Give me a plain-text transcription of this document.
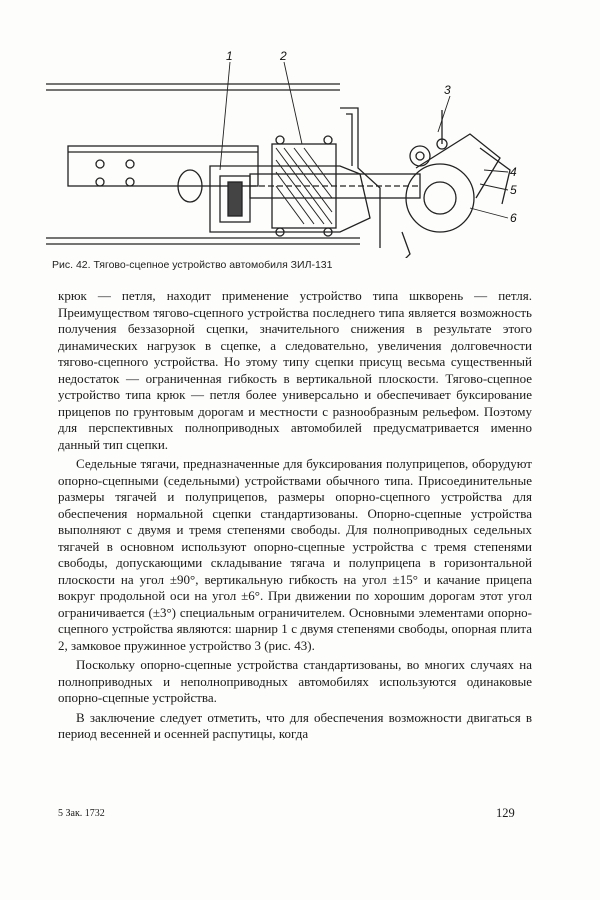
1	2
3
4
5
6
Рис. 42. Тягово-сцепное устройство автомобиля ЗИЛ-131

крюк — петля, находит применение устройство типа шкворень — петля. Преимуществом тягово-сцепного устройства последнего типа является возможность получения беззазорной сцепки, значительного снижения в результате этого динамических нагрузок в сцепке, а следовательно, увеличения долговечности тягово-сцепного устройства. Но этому типу сцепки присущ весьма существенный недостаток — ограниченная гибкость в вертикальной плоскости. Тягово-сцепное устройство типа крюк — петля более универсально и обеспечивает буксирование прицепов по грунтовым дорогам и местности с разнообразным рельефом. Поэтому для перспективных полноприводных автомобилей предусматривается именно данный тип сцепки.

Седельные тягачи, предназначенные для буксирования полуприцепов, оборудуют опорно-сцепными (седельными) устройствами обычного типа. Присоединительные размеры тягачей и полуприцепов, размеры опорно-сцепного устройства для обеспечения нормальной сцепки стандартизованы. Опорно-сцепные устройства выполняют с двумя и тремя степенями свободы. Для полноприводных седельных тягачей в основном используют опорно-сцепные устройства с тремя степенями свободы, допускающими складывание тягача и полуприцепа в горизонтальной плоскости на угол ±90°, вертикальную гибкость на угол ±15° и качание прицепа вокруг продольной оси на угол ±6°. При движении по хорошим дорогам этот угол ограничивается (±3°) специальным ограничителем. Основными элементами опорно-сцепного устройства являются: шарнир 1 с двумя степенями свободы, опорная плита 2, замковое пружинное устройство 3 (рис. 43).

Поскольку опорно-сцепные устройства стандартизованы, во многих случаях на полноприводных и неполноприводных автомобилях используются одинаковые опорно-сцепные устройства.

В заключение следует отметить, что для обеспечения возможности двигаться в период весенней и осенней распутицы, когда

5 Зак. 1732	129
